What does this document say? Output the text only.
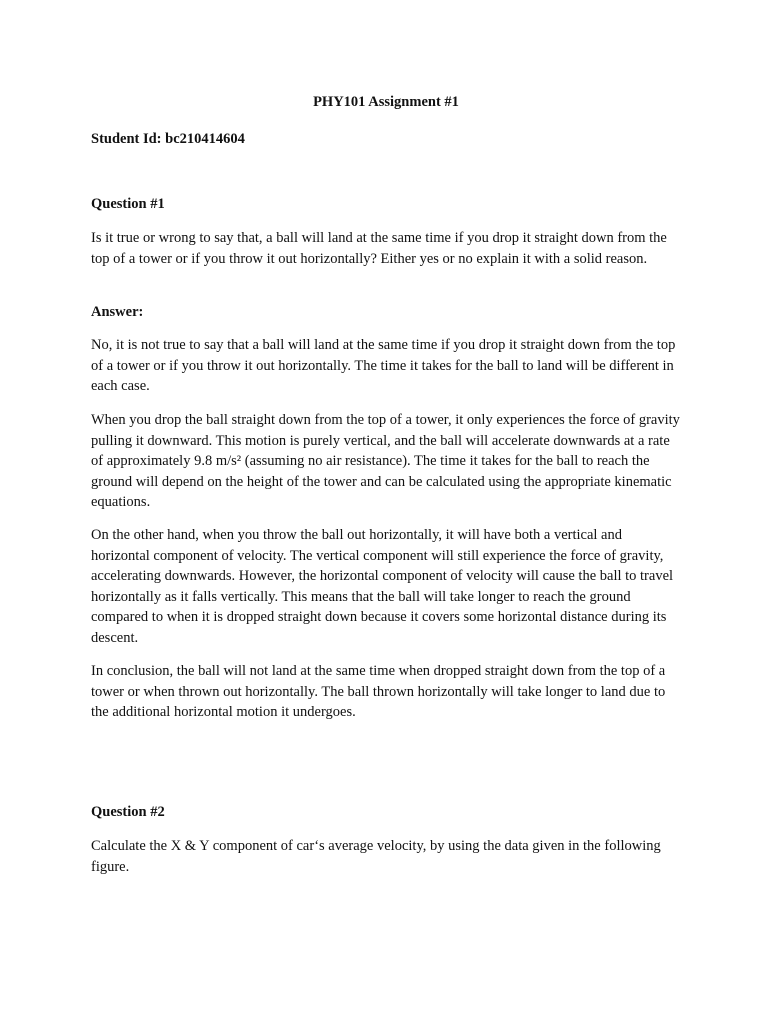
PHY101 Assignment #1
Student Id: bc210414604
Question #1
Is it true or wrong to say that, a ball will land at the same time if you drop it straight down from the top of a tower or if you throw it out horizontally? Either yes or no explain it with a solid reason.
Answer:
No, it is not true to say that a ball will land at the same time if you drop it straight down from the top of a tower or if you throw it out horizontally. The time it takes for the ball to land will be different in each case.
When you drop the ball straight down from the top of a tower, it only experiences the force of gravity pulling it downward. This motion is purely vertical, and the ball will accelerate downwards at a rate of approximately 9.8 m/s² (assuming no air resistance). The time it takes for the ball to reach the ground will depend on the height of the tower and can be calculated using the appropriate kinematic equations.
On the other hand, when you throw the ball out horizontally, it will have both a vertical and horizontal component of velocity. The vertical component will still experience the force of gravity, accelerating downwards. However, the horizontal component of velocity will cause the ball to travel horizontally as it falls vertically. This means that the ball will take longer to reach the ground compared to when it is dropped straight down because it covers some horizontal distance during its descent.
In conclusion, the ball will not land at the same time when dropped straight down from the top of a tower or when thrown out horizontally. The ball thrown horizontally will take longer to land due to the additional horizontal motion it undergoes.
Question #2
Calculate the X & Y component of car‘s average velocity, by using the data given in the following figure.
